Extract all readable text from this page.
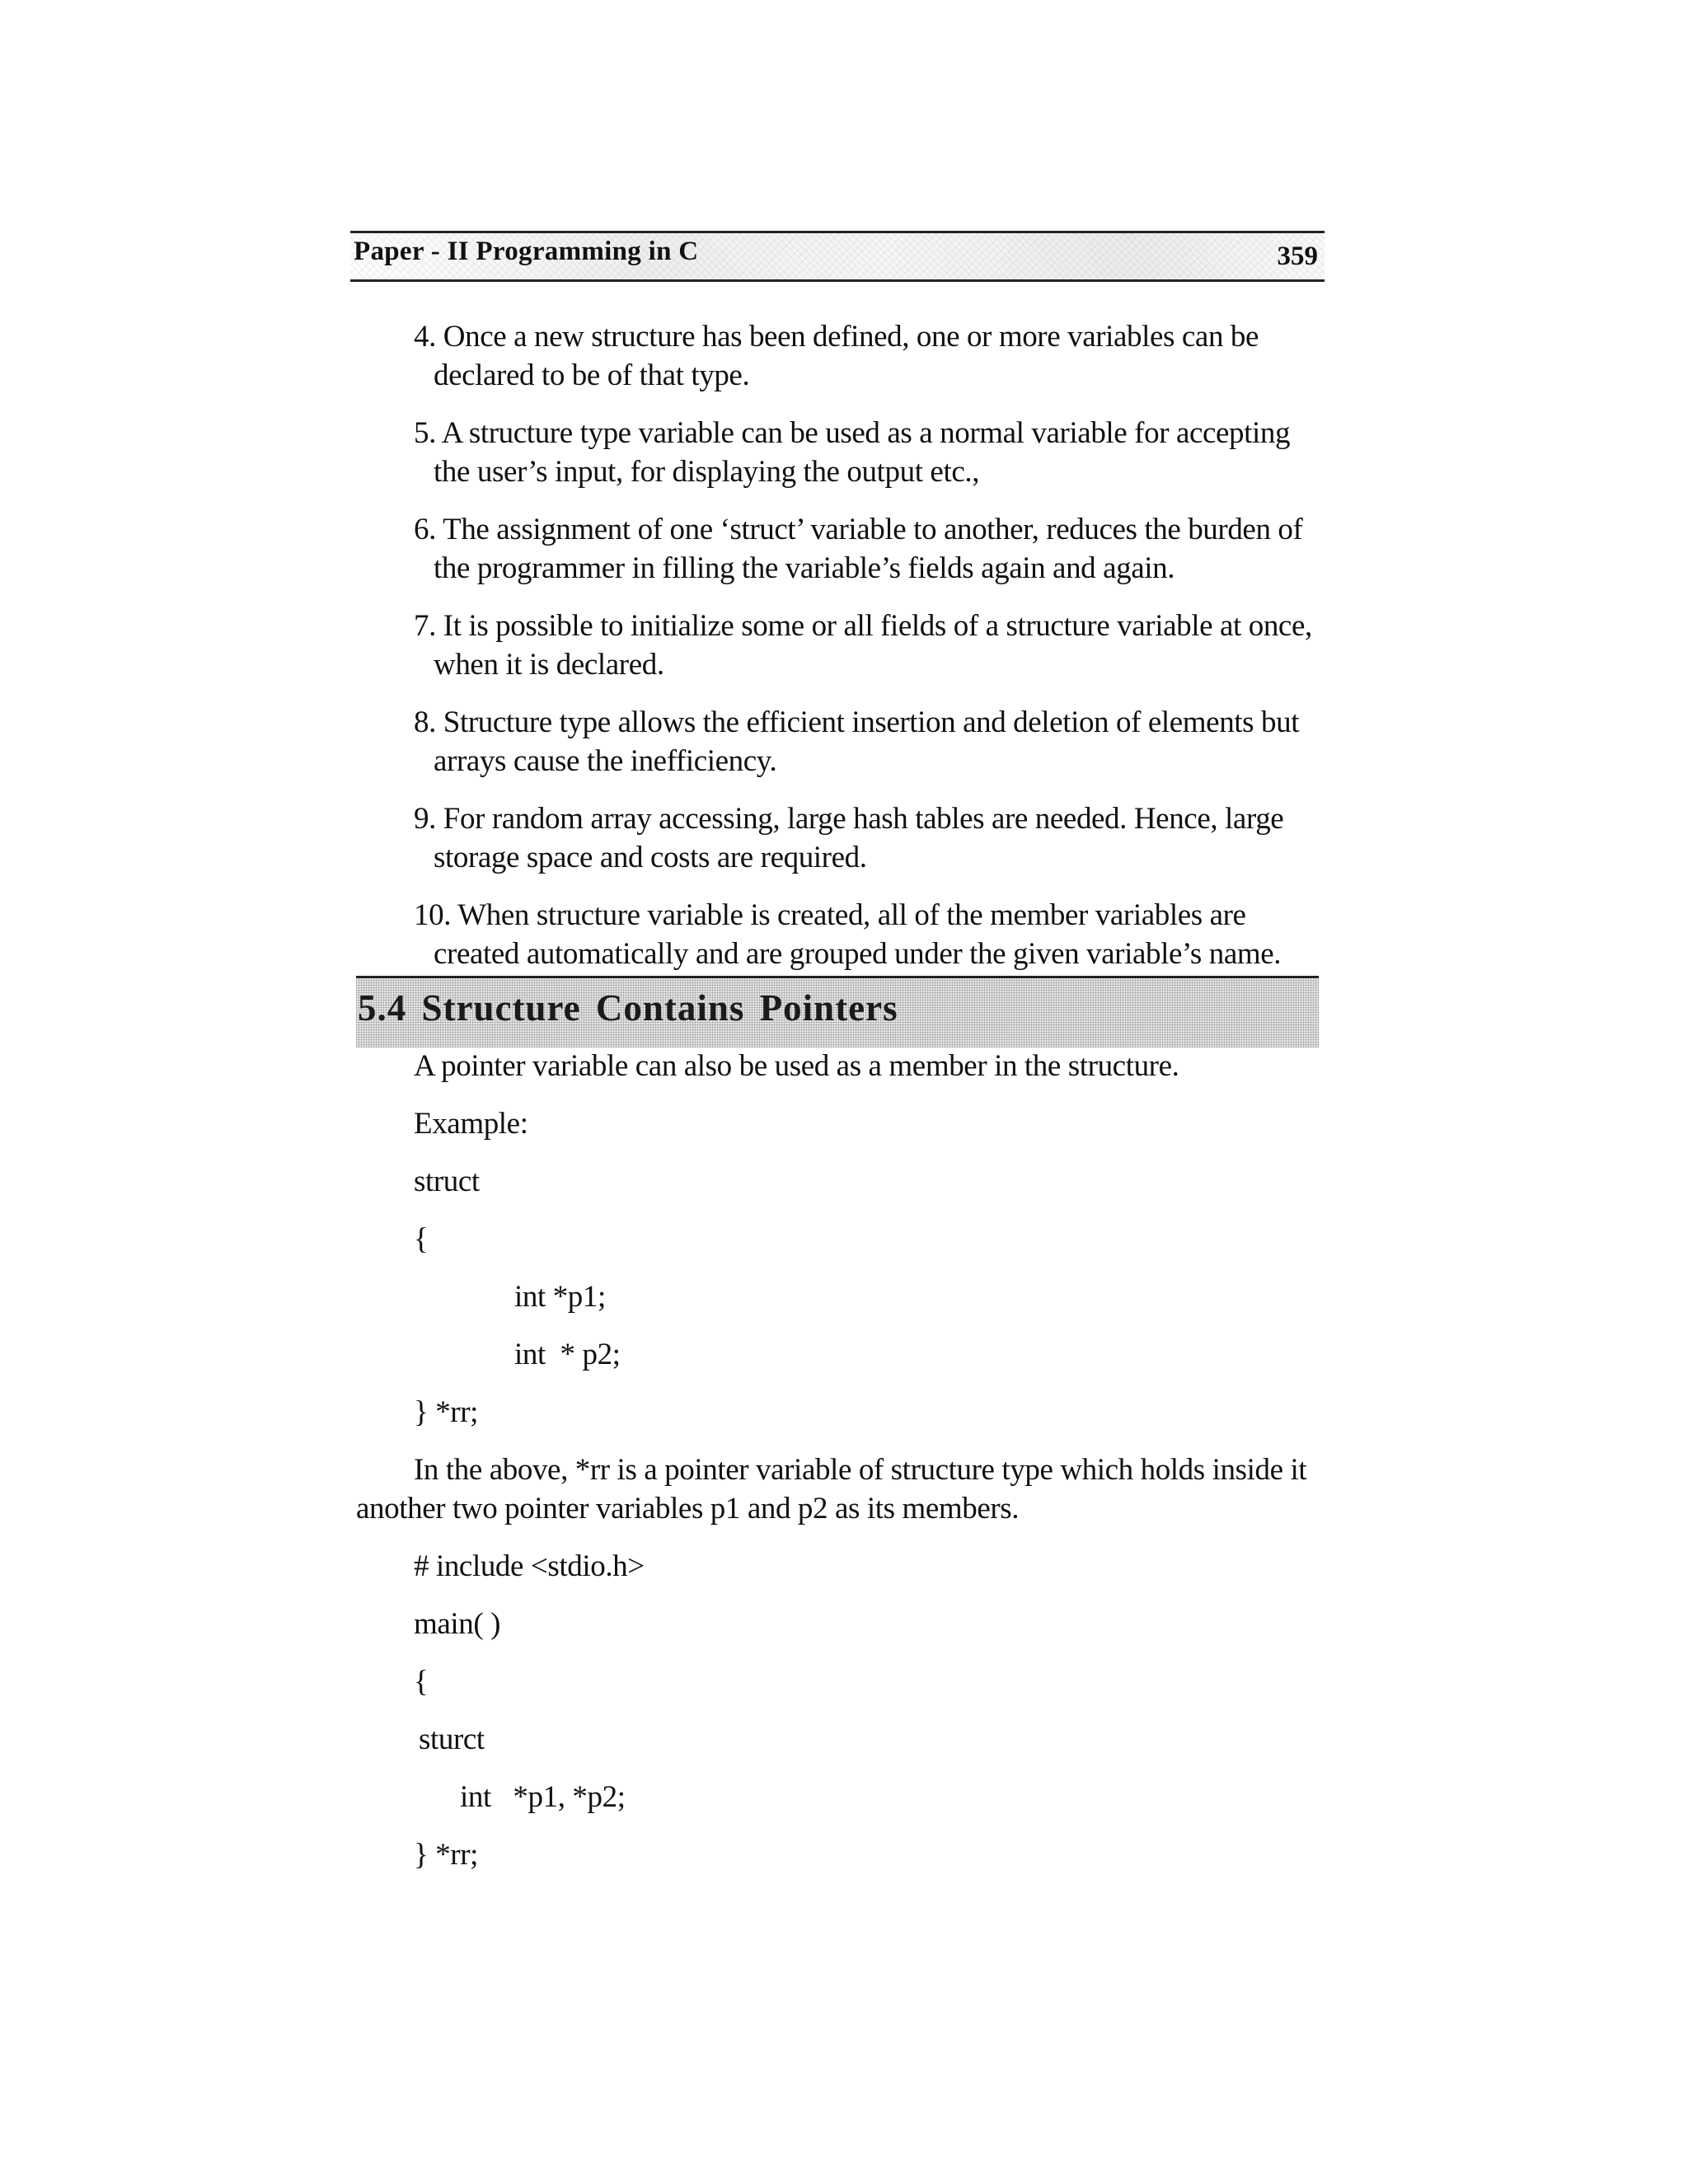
Paper - II Programming in C	359
4. Once a new structure has been defined, one or more variables can be
declared to be of that type.
5. A structure type variable can be used as a normal variable for accepting
the user’s input, for displaying the output etc.,
6. The assignment of one ‘struct’ variable to another, reduces the burden of
the programmer in filling the variable’s fields again and again.
7. It is possible to initialize some or all fields of a structure variable at once,
when it is declared.
8. Structure type allows the efficient insertion and deletion of elements but
arrays cause the inefficiency.
9. For random array accessing, large hash tables are needed. Hence, large
storage space and costs are required.
10. When structure variable is created, all of the member variables are
created automatically and are grouped under the given variable’s name.
5.4 Structure Contains Pointers
A pointer variable can also be used as a member in the structure.
Example:
struct
{
int *p1;
int  * p2;
} *rr;
In the above, *rr is a pointer variable of structure type which holds inside it
another two pointer variables p1 and p2 as its members.
# include <stdio.h>
main( )
{
sturct
int   *p1, *p2;
} *rr;
